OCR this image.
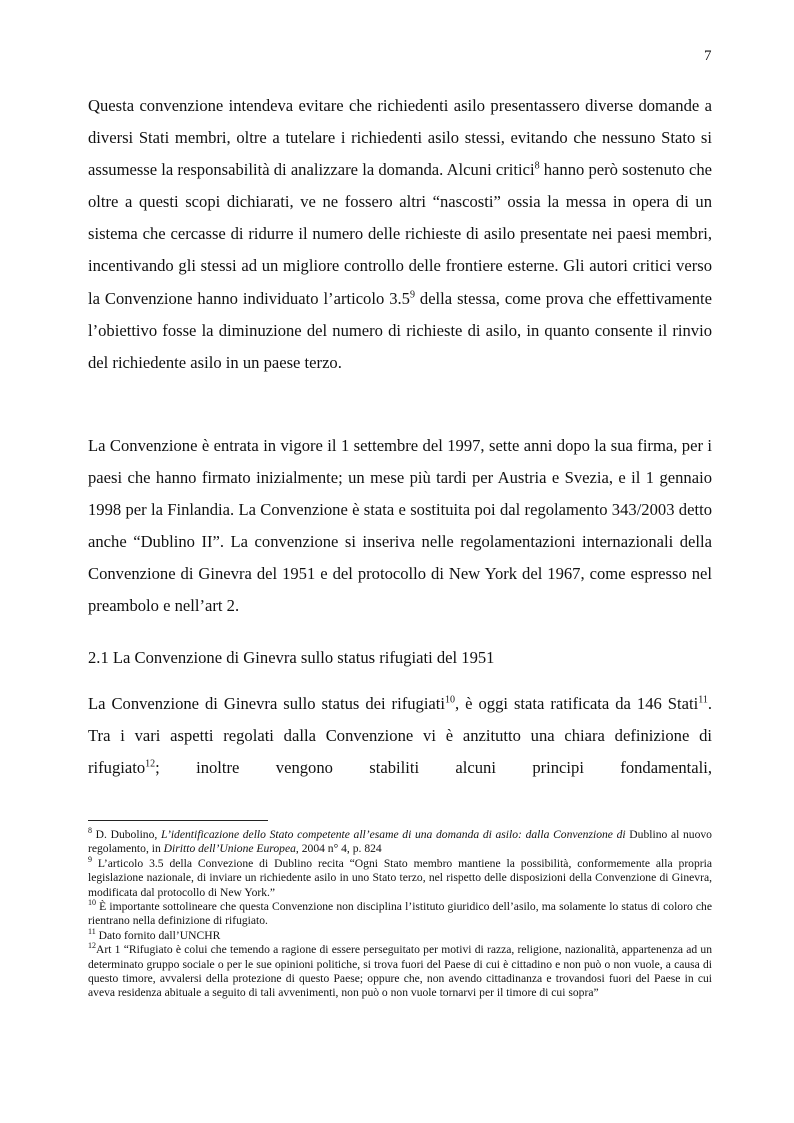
7

Questa convenzione intendeva evitare che richiedenti asilo presentassero diverse domande a diversi Stati membri, oltre a tutelare i richiedenti asilo stessi, evitando che nessuno Stato si assumesse la responsabilità di analizzare la domanda. Alcuni critici$^8$ hanno però sostenuto che oltre a questi scopi dichiarati, ve ne fossero altri “nascosti” ossia la messa in opera di un sistema che cercasse di ridurre il numero delle richieste di asilo presentate nei paesi membri, incentivando gli stessi ad un migliore controllo delle frontiere esterne. Gli autori critici verso la Convenzione hanno individuato l’articolo $3.5^9$ della stessa, come prova che effettivamente l’obiettivo fosse la diminuzione del numero di richieste di asilo, in quanto consente il rinvio del richiedente asilo in un paese terzo.

La Convenzione è entrata in vigore il 1 settembre del 1997, sette anni dopo la sua firma, per i paesi che hanno firmato inizialmente; un mese più tardi per Austria e Svezia, e il 1 gennaio 1998 per la Finlandia. La Convenzione è stata e sostituita poi dal regolamento 343/2003 detto anche “Dublino II”. La convenzione si inseriva nelle regolamentazioni internazionali della Convenzione di Ginevra del 1951 e del protocollo di New York del 1967, come espresso nel preambolo e nell’art 2.

2.1 La Convenzione di Ginevra sullo status rifugiati del 1951

La Convenzione di Ginevra sullo status dei rifugiati$^{10}$, è oggi stata ratificata da 146 Stati$^{11}$. Tra i vari aspetti regolati dalla Convenzione vi è anzitutto una chiara definizione di rifugiato$^{12}$; inoltre vengono stabiliti alcuni principi fondamentali,

$^8$ D. Dubolino, L’identificazione dello Stato competente all’esame di una domanda di asilo: dalla Convenzione di Dublino al nuovo regolamento, in Diritto dell’Unione Europea, 2004 n° 4, p. 824

$^9$ L’articolo 3.5 della Convezione di Dublino recita “Ogni Stato membro mantiene la possibilità, conformemente alla propria legislazione nazionale, di inviare un richiedente asilo in uno Stato terzo, nel rispetto delle disposizioni della Convenzione di Ginevra, modificata dal protocollo di New York.”

$^{10}$ È importante sottolineare che questa Convenzione non disciplina l’istituto giuridico dell’asilo, ma solamente lo status di coloro che rientrano nella definizione di rifugiato.

$^{11}$ Dato fornito dall’UNCHR

$^{12}$Art 1 “Rifugiato è colui che temendo a ragione di essere perseguitato per motivi di razza, religione, nazionalità, appartenenza ad un determinato gruppo sociale o per le sue opinioni politiche, si trova fuori del Paese di cui è cittadino e non può o non vuole, a causa di questo timore, avvalersi della protezione di questo Paese; oppure che, non avendo cittadinanza e trovandosi fuori del Paese in cui aveva residenza abituale a seguito di tali avvenimenti, non può o non vuole tornarvi per il timore di cui sopra”
